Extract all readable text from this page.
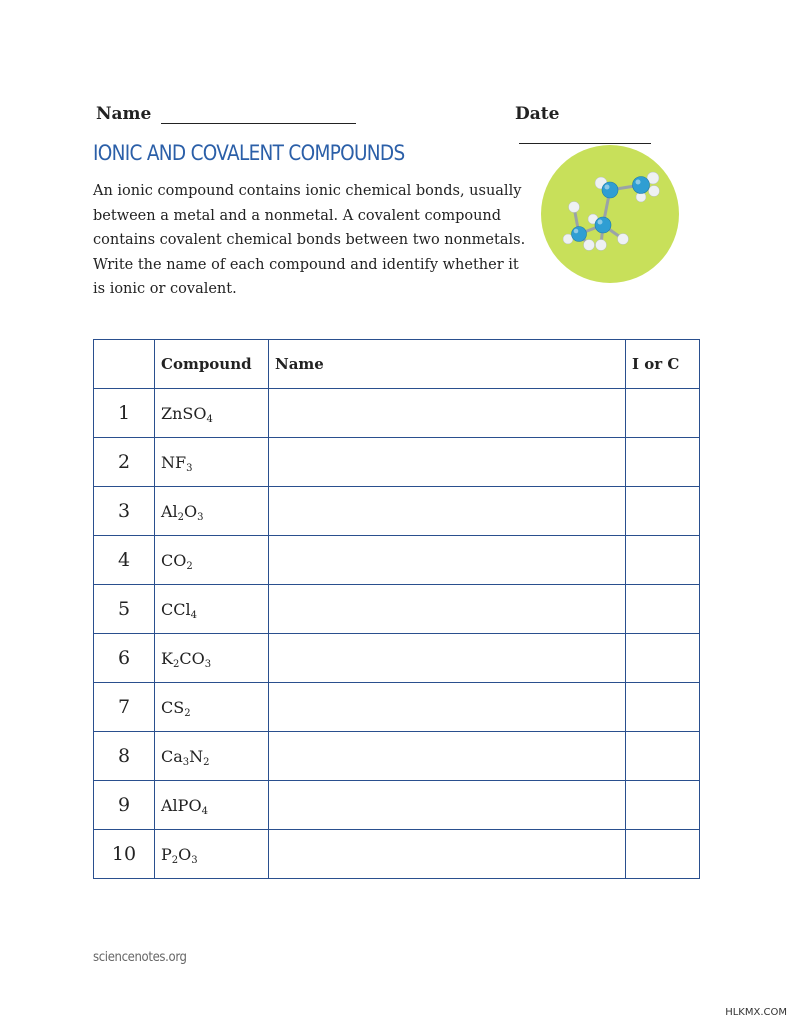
Name	Date
IONIC AND COVALENT COMPOUNDS

An ionic compound contains ionic chemical bonds, usually between a metal and a nonmetal. A covalent compound contains covalent chemical bonds between two nonmetals. Write the name of each compound and identify whether it is ionic or covalent.

	Compound	Name	I or C
1	ZnSO$_4$		
2	$NF_3$		
3	$Al_2O_3$		
4	$CO_2$		
5	CCl$_4$		
6	$K_2CO_3$		
7	$CS_2$		
8	$Ca_3N_2$		
9	AlPO$_4$		
10	$P_2O_3$		
sciencenotes.org
HLKMX.COM
